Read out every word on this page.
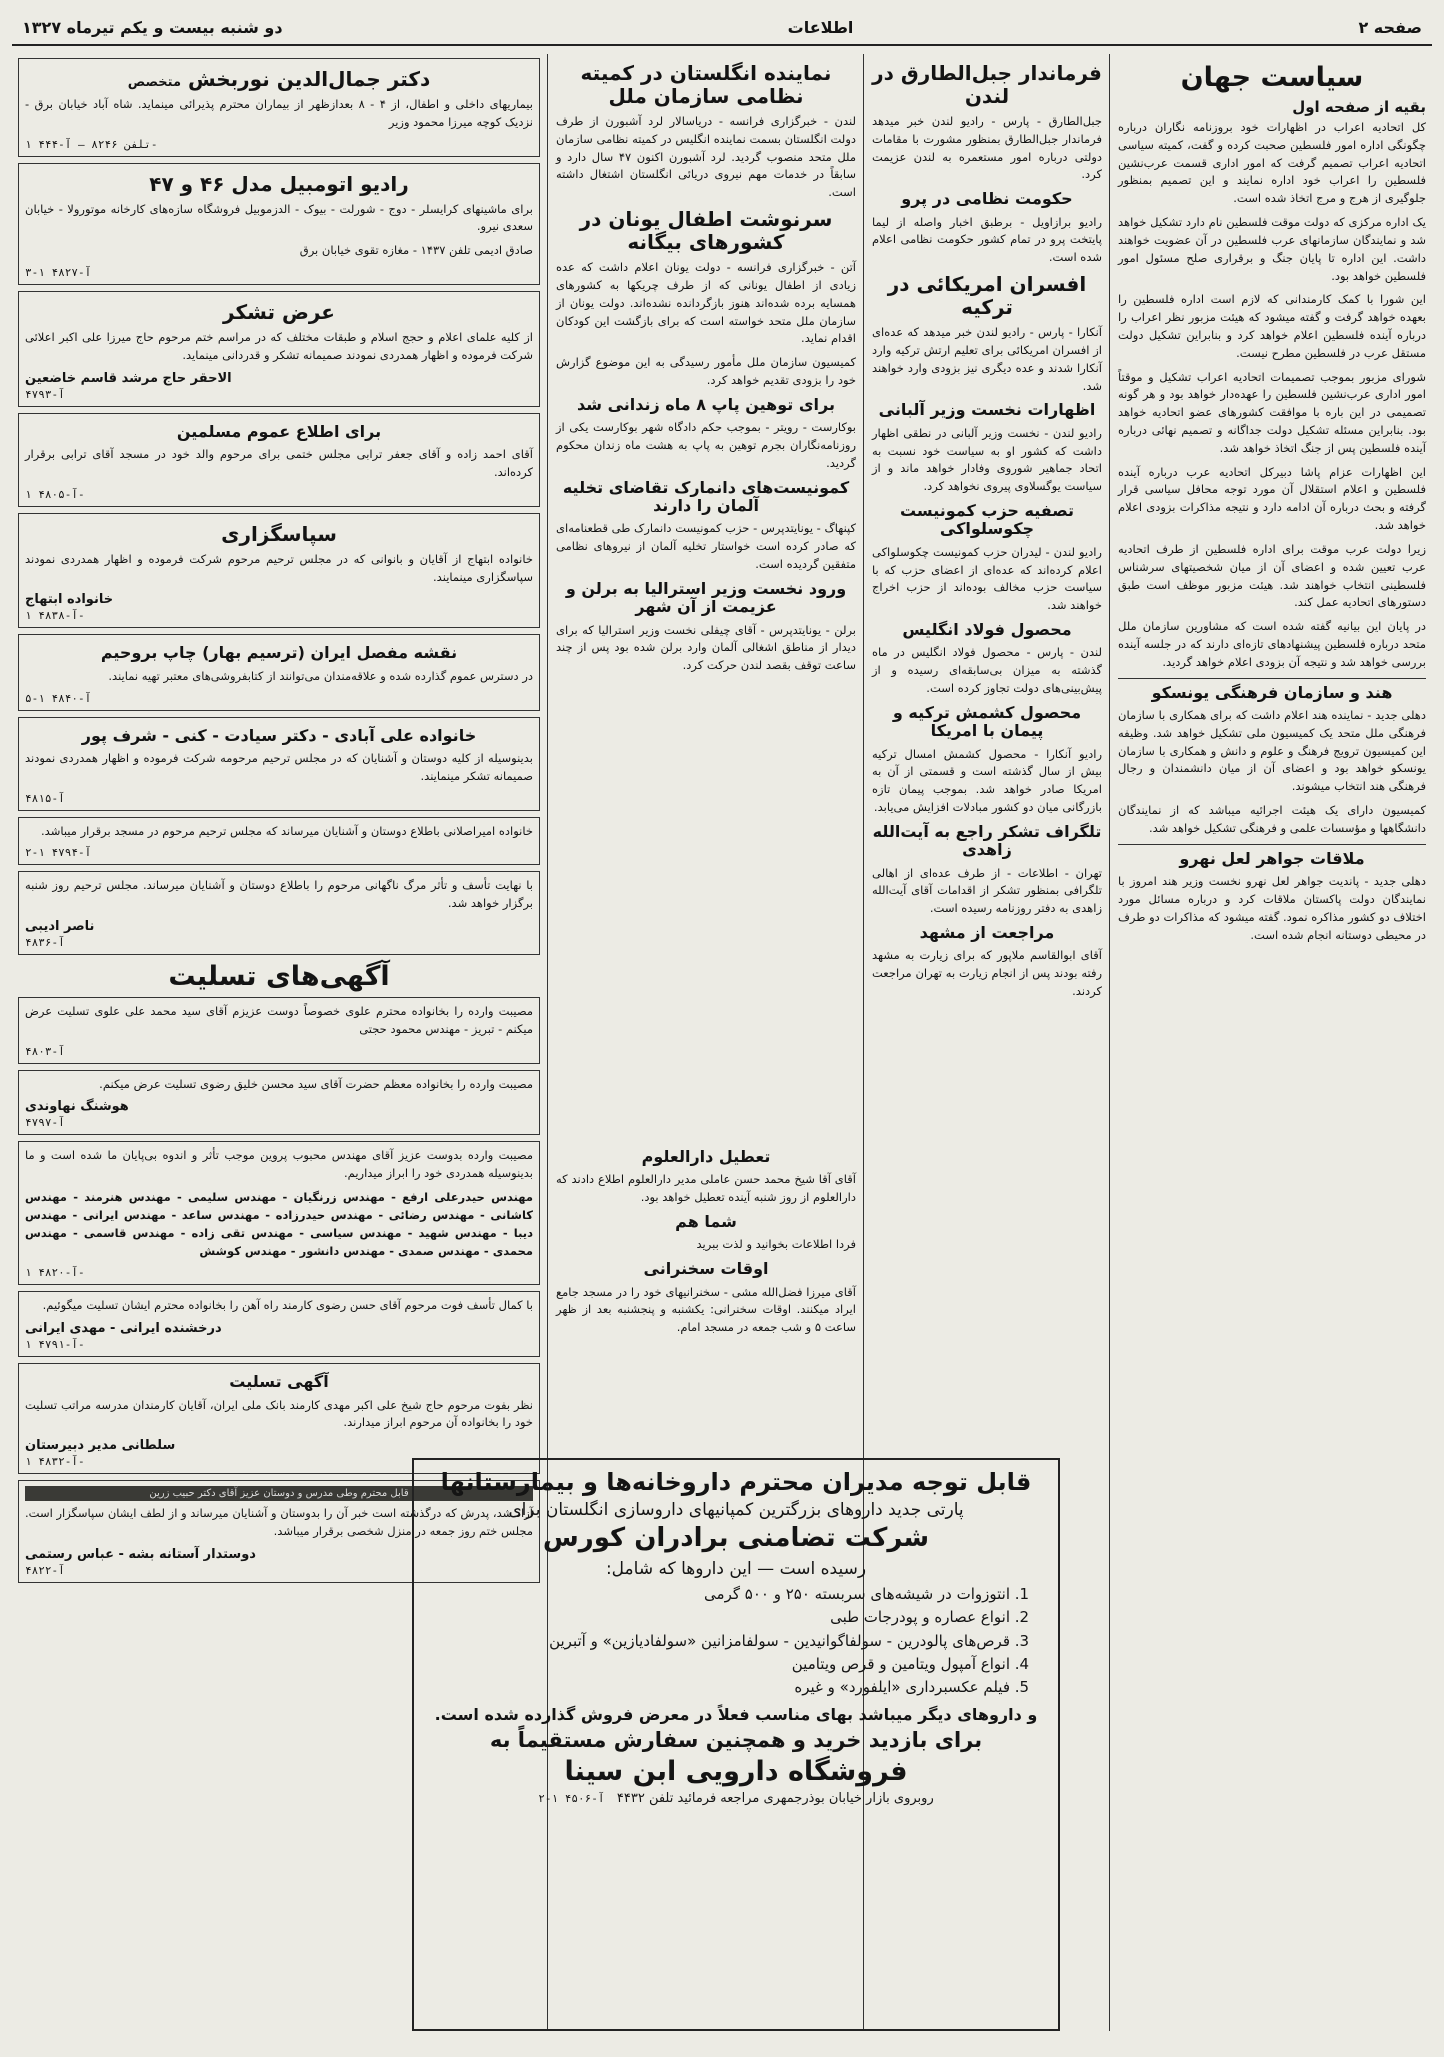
صفحه ۲
اطلاعات
دو شنبه بیست و یکم تیرماه ۱۳۲۷
سیاست جهان
بقیه از صفحه اول

کل اتحادیه اعراب در اظهارات خود بروزنامه نگاران درباره چگونگی اداره امور فلسطین صحبت کرده و گفت، کمیته سیاسی اتحادیه اعراب تصمیم گرفت که امور اداری قسمت عرب‌نشین فلسطین را اعراب خود اداره نمایند و این تصمیم بمنظور جلوگیری از هرج و مرج اتخاذ شده است.

یک اداره مرکزی که دولت موقت فلسطین نام دارد تشکیل خواهد شد و نمایندگان سازمانهای عرب فلسطین در آن عضویت خواهند داشت. این اداره تا پایان جنگ و برقراری صلح مسئول امور فلسطین خواهد بود.

این شورا با کمک کارمندانی که لازم است اداره فلسطین را بعهده خواهد گرفت و گفته میشود که هیئت مزبور نظر اعراب را درباره آینده فلسطین اعلام خواهد کرد و بنابراین تشکیل دولت مستقل عرب در فلسطین مطرح نیست.

شورای مزبور بموجب تصمیمات اتحادیه اعراب تشکیل و موقتاً امور اداری عرب‌نشین فلسطین را عهده‌دار خواهد بود و هر گونه تصمیمی در این باره با موافقت کشورهای عضو اتحادیه خواهد بود. بنابراین مسئله تشکیل دولت جداگانه و تصمیم نهائی درباره آینده فلسطین پس از جنگ اتخاذ خواهد شد.

این اظهارات عزام پاشا دبیرکل اتحادیه عرب درباره آینده فلسطین و اعلام استقلال آن مورد توجه محافل سیاسی قرار گرفته و بحث درباره آن ادامه دارد و نتیجه مذاکرات بزودی اعلام خواهد شد.

زیرا دولت عرب موقت برای اداره فلسطین از طرف اتحادیه عرب تعیین شده و اعضای آن از میان شخصیتهای سرشناس فلسطینی انتخاب خواهند شد. هیئت مزبور موظف است طبق دستورهای اتحادیه عمل کند.

در پایان این بیانیه گفته شده است که مشاورین سازمان ملل متحد درباره فلسطین پیشنهادهای تازه‌ای دارند که در جلسه آینده بررسی خواهد شد و نتیجه آن بزودی اعلام خواهد گردید.

هند و سازمان فرهنگی یونسکو

دهلی جدید - نماینده هند اعلام داشت که برای همکاری با سازمان فرهنگی ملل متحد یک کمیسیون ملی تشکیل خواهد شد. وظیفه این کمیسیون ترویج فرهنگ و علوم و دانش و همکاری با سازمان یونسکو خواهد بود و اعضای آن از میان دانشمندان و رجال فرهنگی هند انتخاب میشوند.

کمیسیون دارای یک هیئت اجرائیه میباشد که از نمایندگان دانشگاهها و مؤسسات علمی و فرهنگی تشکیل خواهد شد.

ملاقات جواهر لعل نهرو

دهلی جدید - پاندیت جواهر لعل نهرو نخست وزیر هند امروز با نمایندگان دولت پاکستان ملاقات کرد و درباره مسائل مورد اختلاف دو کشور مذاکره نمود. گفته میشود که مذاکرات دو طرف در محیطی دوستانه انجام شده است.

فرماندار جبل‌الطارق در لندن

جبل‌الطارق - پارس - رادیو لندن خبر میدهد فرماندار جبل‌الطارق بمنظور مشورت با مقامات دولتی درباره امور مستعمره به لندن عزیمت کرد.

حکومت نظامی در پرو

رادیو برازاویل - برطبق اخبار واصله از لیما پایتخت پرو در تمام کشور حکومت نظامی اعلام شده است.

افسران امریکائی در ترکیه

آنکارا - پارس - رادیو لندن خبر میدهد که عده‌ای از افسران امریکائی برای تعلیم ارتش ترکیه وارد آنکارا شدند و عده دیگری نیز بزودی وارد خواهند شد.

اظهارات نخست وزیر آلبانی

رادیو لندن - نخست وزیر آلبانی در نطقی اظهار داشت که کشور او به سیاست خود نسبت به اتحاد جماهیر شوروی وفادار خواهد ماند و از سیاست یوگسلاوی پیروی نخواهد کرد.

تصفیه حزب کمونیست چکوسلواکی

رادیو لندن - لیدران حزب کمونیست چکوسلواکی اعلام کرده‌اند که عده‌ای از اعضای حزب که با سیاست حزب مخالف بوده‌اند از حزب اخراج خواهند شد.

محصول فولاد انگلیس

لندن - پارس - محصول فولاد انگلیس در ماه گذشته به میزان بی‌سابقه‌ای رسیده و از پیش‌بینی‌های دولت تجاوز کرده است.

محصول کشمش ترکیه و پیمان با امریکا

رادیو آنکارا - محصول کشمش امسال ترکیه بیش از سال گذشته است و قسمتی از آن به امریکا صادر خواهد شد. بموجب پیمان تازه بازرگانی میان دو کشور مبادلات افزایش می‌یابد.

تلگراف تشکر راجع به آیت‌الله زاهدی

تهران - اطلاعات - از طرف عده‌ای از اهالی تلگرافی بمنظور تشکر از اقدامات آقای آیت‌الله زاهدی به دفتر روزنامه رسیده است.

مراجعت از مشهد

آقای ابوالقاسم ملاپور که برای زیارت به مشهد رفته بودند پس از انجام زیارت به تهران مراجعت کردند.

نماینده انگلستان در کمیته نظامی سازمان ملل

لندن - خبرگزاری فرانسه - دریاسالار لرد آشبورن از طرف دولت انگلستان بسمت نماینده انگلیس در کمیته نظامی سازمان ملل متحد منصوب گردید. لرد آشبورن اکنون ۴۷ سال دارد و سابقاً در خدمات مهم نیروی دریائی انگلستان اشتغال داشته است.

سرنوشت اطفال یونان در کشورهای بیگانه

آتن - خبرگزاری فرانسه - دولت یونان اعلام داشت که عده زیادی از اطفال یونانی که از طرف چریکها به کشورهای همسایه برده شده‌اند هنوز بازگردانده نشده‌اند. دولت یونان از سازمان ملل متحد خواسته است که برای بازگشت این کودکان اقدام نماید.

کمیسیون سازمان ملل مأمور رسیدگی به این موضوع گزارش خود را بزودی تقدیم خواهد کرد.

برای توهین پاپ ۸ ماه زندانی شد

بوکارست - رویتر - بموجب حکم دادگاه شهر بوکارست یکی از روزنامه‌نگاران بجرم توهین به پاپ به هشت ماه زندان محکوم گردید.

کمونیست‌های دانمارک تقاضای تخلیه آلمان را دارند

کپنهاگ - یونایتدپرس - حزب کمونیست دانمارک طی قطعنامه‌ای که صادر کرده است خواستار تخلیه آلمان از نیروهای نظامی متفقین گردیده است.

ورود نخست وزیر استرالیا به برلن و عزیمت از آن شهر

برلن - یونایتدپرس - آقای چیفلی نخست وزیر استرالیا که برای دیدار از مناطق اشغالی آلمان وارد برلن شده بود پس از چند ساعت توقف بقصد لندن حرکت کرد.

تعطیل دارالعلوم

آقای آقا شیخ محمد حسن عاملی مدیر دارالعلوم اطلاع دادند که دارالعلوم از روز شنبه آینده تعطیل خواهد بود.

شما هم

فردا اطلاعات بخوانید و لذت ببرید

اوقات سخنرانی

آقای میرزا فضل‌الله مشی - سخنرانیهای خود را در مسجد جامع ایراد میکنند. اوقات سخنرانی: یکشنبه و پنجشنبه بعد از ظهر ساعت ۵ و شب جمعه در مسجد امام.

دکتر جمال‌الدین نوربخش متخصص
بیماریهای داخلی و اطفال، از ۴ - ۸ بعدازظهر از بیماران محترم پذیرائی مینماید. شاه آباد خیابان برق - نزدیک کوچه میرزا محمود وزیر
تلفن ۸۲۴۶ — آ-۴۴۴ ۱-
رادیو اتومبیل مدل ۴۶ و ۴۷
برای ماشینهای کرایسلر - دوج - شورلت - بیوک - الدزموبیل فروشگاه سازه‌های کارخانه موتورولا - خیابان سعدی نیرو.
صادق ادیمی تلفن ۱۴۳۷ - مغازه تقوی خیابان برق
آ-۴۸۲۷ ۱-۳
عرض تشکر
از کلیه علمای اعلام و حجج اسلام و طبقات مختلف که در مراسم ختم مرحوم حاج میرزا علی اکبر اعلائی شرکت فرموده و اظهار همدردی نمودند صمیمانه تشکر و قدردانی مینماید.
الاحقر حاج مرشد قاسم خاضعین
آ-۴۷۹۳
برای اطلاع عموم مسلمین
آقای احمد زاده و آقای جعفر ترابی مجلس ختمی برای مرحوم والد خود در مسجد آقای ترابی برقرار کرده‌اند.
آ-۴۸۰۵ ۱-
سپاسگزاری
خانواده ابتهاج از آقایان و بانوانی که در مجلس ترحیم مرحوم شرکت فرموده و اظهار همدردی نمودند سپاسگزاری مینمایند.
خانواده ابتهاج
آ-۴۸۳۸ ۱-
نقشه مفصل ایران (ترسیم بهار) چاپ بروحیم
در دسترس عموم گذارده شده و علاقه‌مندان می‌توانند از کتابفروشی‌های معتبر تهیه نمایند.
آ-۴۸۴۰ ۱-۵
خانواده علی آبادی - دکتر سیادت - کنی - شرف پور
بدینوسیله از کلیه دوستان و آشنایان که در مجلس ترحیم مرحومه شرکت فرموده و اظهار همدردی نمودند صمیمانه تشکر مینمایند.
آ-۴۸۱۵
خانواده امیراصلانی باطلاع دوستان و آشنایان میرساند که مجلس ترحیم مرحوم در مسجد برقرار میباشد.
آ-۴۷۹۴ ۱-۲
با نهایت تأسف و تأثر مرگ ناگهانی مرحوم را باطلاع دوستان و آشنایان میرساند. مجلس ترحیم روز شنبه برگزار خواهد شد.
ناصر ادیبی
آ-۴۸۳۶
آگهی‌های تسلیت
مصیبت وارده را بخانواده محترم علوی خصوصاً دوست عزیزم آقای سید محمد علی علوی تسلیت عرض میکنم - تبریز - مهندس محمود حجتی
آ-۴۸۰۳
مصیبت وارده را بخانواده معظم حضرت آقای سید محسن خلیق رضوی تسلیت عرض میکنم.
هوشنگ نهاوندی
آ-۴۷۹۷
مصیبت وارده بدوست عزیز آقای مهندس محبوب پروین موجب تأثر و اندوه بی‌پایان ما شده است و ما بدینوسیله همدردی خود را ابراز میداریم.
مهندس حیدرعلی ارفع - مهندس زرنگیان - مهندس سلیمی - مهندس هنرمند - مهندس کاشانی - مهندس رضائی - مهندس حیدرزاده - مهندس ساعد - مهندس ایرانی - مهندس دیبا - مهندس شهید - مهندس سیاسی - مهندس تقی زاده - مهندس قاسمی - مهندس محمدی - مهندس صمدی - مهندس دانشور - مهندس کوشش
آ-۴۸۲۰ ۱-
با کمال تأسف فوت مرحوم آقای حسن رضوی کارمند راه آهن را بخانواده محترم ایشان تسلیت میگوئیم.
درخشنده ایرانی - مهدی ایرانی
آ-۴۷۹۱ ۱-
آگهی تسلیت
نظر بفوت مرحوم حاج شیخ علی اکبر مهدی کارمند بانک ملی ایران، آقایان کارمندان مدرسه مراتب تسلیت خود را بخانواده آن مرحوم ابراز میدارند.
سلطانی مدیر دبیرستان
آ-۴۸۳۲ ۱-
قابل محترم وطی مدرس و دوستان عزیز آقای دکتر حبیب زرین
آزاد شد، پدرش که درگذشته است خبر آن را بدوستان و آشنایان میرساند و از لطف ایشان سپاسگزار است. مجلس ختم روز جمعه در منزل شخصی برقرار میباشد.
دوستدار آستانه بشه - عباس رستمی
آ-۴۸۲۲
قابل توجه مدیران محترم داروخانه‌ها و بیمارستانها
پارتی جدید داروهای بزرگترین کمپانیهای داروسازی انگلستان برای
شرکت تضامنی برادران کورس
رسیده است — این داروها که شامل:
1. انتوزوات در شیشه‌های سربسته ۲۵۰ و ۵۰۰ گرمی
2. انواع عصاره و پودرجات طبی
3. قرص‌های پالودرین - سولفاگوانیدین - سولفامزانین «سولفادیازین» و آتبرین
4. انواع آمپول ویتامین و قرص ویتامین
5. فیلم عکسبرداری «ایلفورد» و غیره
و داروهای دیگر میباشد بهای مناسب فعلاً در معرض فروش گذارده شده است.
برای بازدید خرید و همچنین سفارش مستقیماً به
فروشگاه دارویی ابن سینا
روبروی بازار خیابان بوذرجمهری مراجعه فرمائید تلفن ۴۴۳۲   آ-۴۵۰۶ ۱-۲
